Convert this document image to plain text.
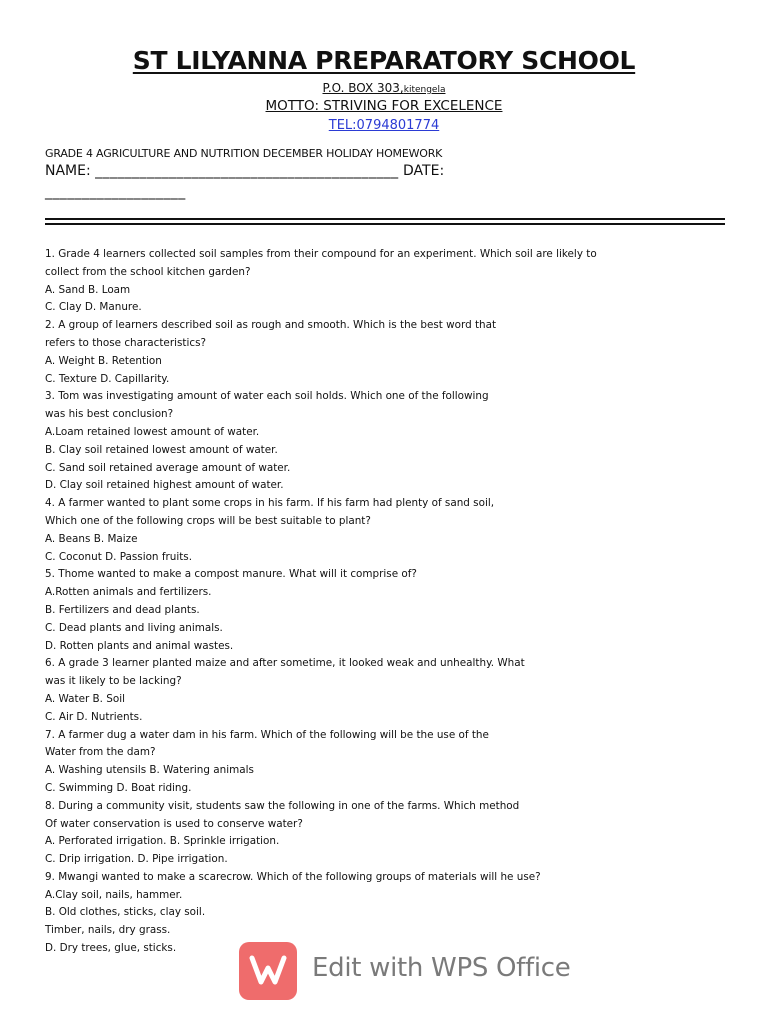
ST LILYANNA PREPARATORY SCHOOL
P.O. BOX 303,kitengela
MOTTO: STRIVING FOR EXCELENCE
TEL:0794801774
GRADE 4 AGRICULTURE AND NUTRITION DECEMBER HOLIDAY HOMEWORK
NAME: _________________________________________ DATE:
___________________
1. Grade 4 learners collected soil samples from their compound for an experiment. Which soil are likely to
collect from the school kitchen garden?
A. Sand B. Loam
C. Clay D. Manure.
2. A group of learners described soil as rough and smooth. Which is the best word that
refers to those characteristics?
A. Weight B. Retention
C. Texture D. Capillarity.
3. Tom was investigating amount of water each soil holds. Which one of the following
was his best conclusion?
A.Loam retained lowest amount of water.
B. Clay soil retained lowest amount of water.
C. Sand soil retained average amount of water.
D. Clay soil retained highest amount of water.
4. A farmer wanted to plant some crops in his farm. If his farm had plenty of sand soil,
Which one of the following crops will be best suitable to plant?
A. Beans B. Maize
C. Coconut D. Passion fruits.
5. Thome wanted to make a compost manure. What will it comprise of?
A.Rotten animals and fertilizers.
B. Fertilizers and dead plants.
C. Dead plants and living animals.
D. Rotten plants and animal wastes.
6. A grade 3 learner planted maize and after sometime, it looked weak and unhealthy. What
was it likely to be lacking?
A. Water B. Soil
C. Air D. Nutrients.
7. A farmer dug a water dam in his farm. Which of the following will be the use of the
Water from the dam?
A. Washing utensils B. Watering animals
C. Swimming D. Boat riding.
8. During a community visit, students saw the following in one of the farms. Which method
Of water conservation is used to conserve water?
A. Perforated irrigation. B. Sprinkle irrigation.
C. Drip irrigation. D. Pipe irrigation.
9. Mwangi wanted to make a scarecrow. Which of the following groups of materials will he use?
A.Clay soil, nails, hammer.
B. Old clothes, sticks, clay soil.
Timber, nails, dry grass.
D. Dry trees, glue, sticks.
Edit with WPS Office
